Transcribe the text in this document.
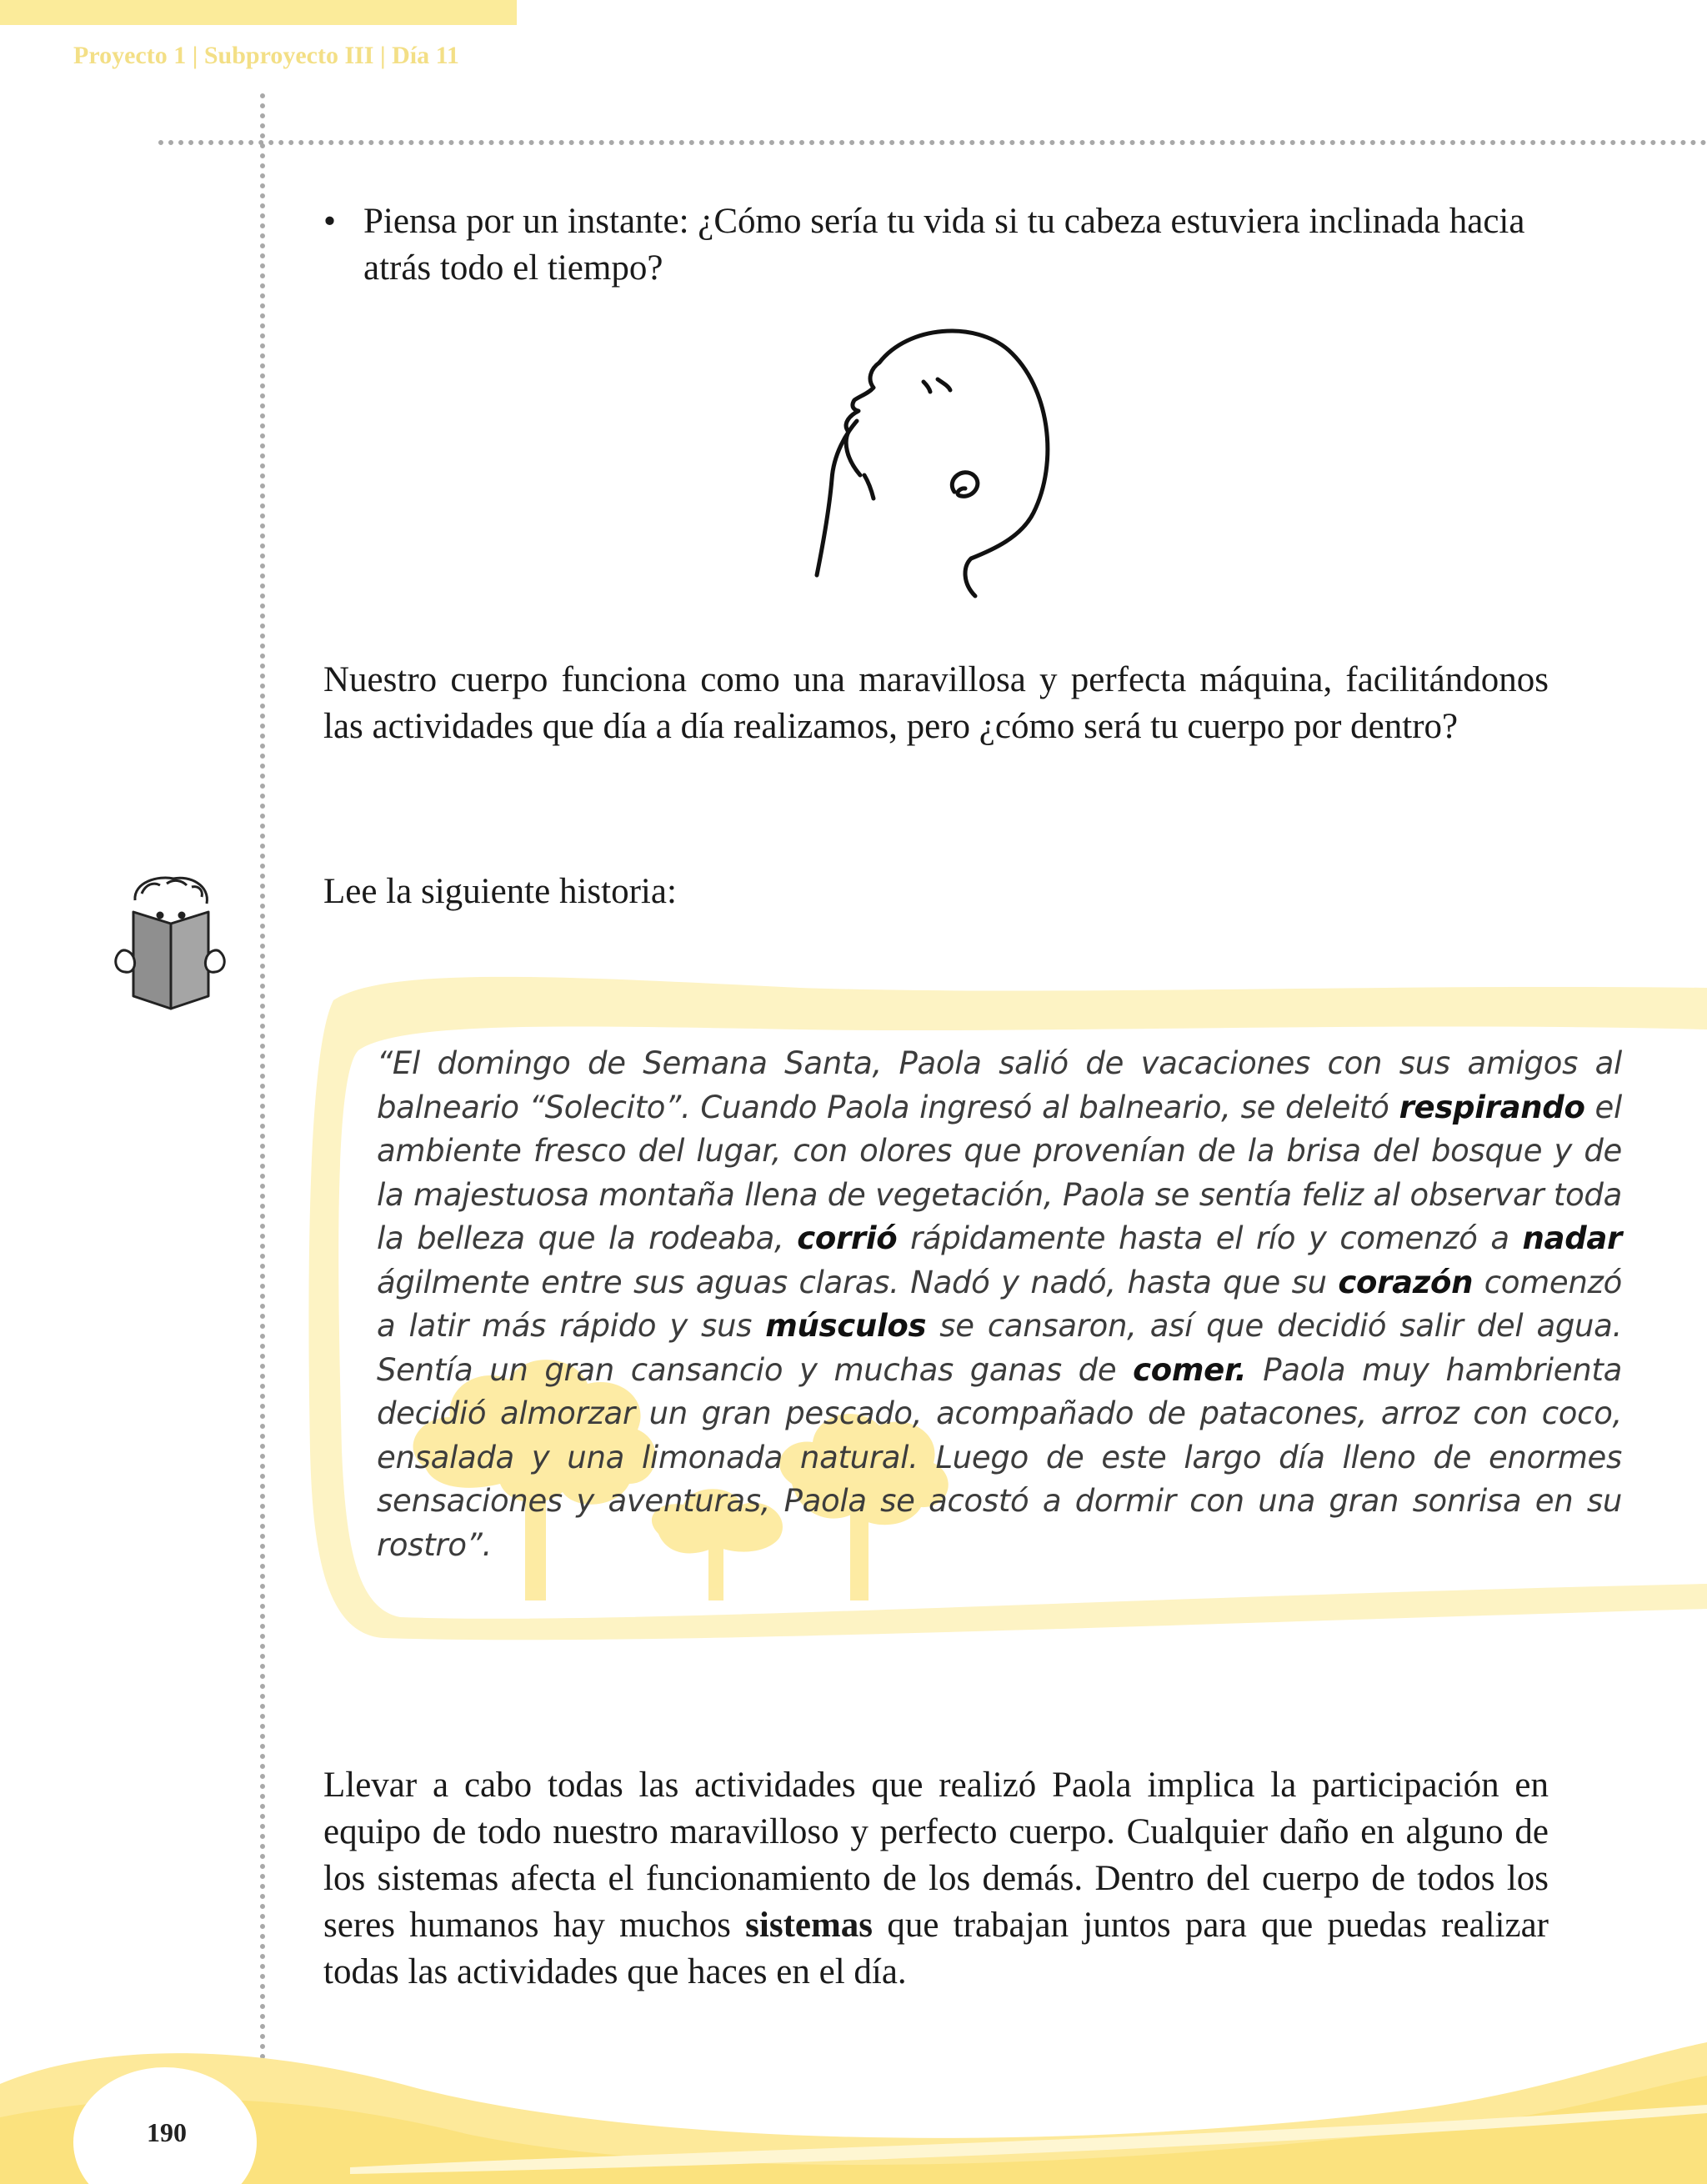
Proyecto 1 | Subproyecto III | Día 11
• Piensa por un instante: ¿Cómo sería tu vida si tu cabeza estuviera inclinada hacia atrás todo el tiempo?
Nuestro cuerpo funciona como una maravillosa y perfecta máquina, facilitándonos las actividades que día a día realizamos, pero ¿cómo será tu cuerpo por dentro?
Lee la siguiente historia:
“El domingo de Semana Santa, Paola salió de vacaciones con sus amigos al balneario “Solecito”. Cuando Paola ingresó al balneario, se deleitó respirando el ambiente fresco del lugar, con olores que provenían de la brisa del bosque y de la majestuosa montaña llena de vegetación, Paola se sentía feliz al observar toda la belleza que la rodeaba, corrió rápidamente hasta el río y comenzó a nadar ágilmente entre sus aguas claras. Nadó y nadó, hasta que su corazón comenzó a latir más rápido y sus músculos se cansaron, así que decidió salir del agua. Sentía un gran cansancio y muchas ganas de comer. Paola muy hambrienta decidió almorzar un gran pescado, acompañado de patacones, arroz con coco, ensalada y una limonada natural. Luego de este largo día lleno de enormes sensaciones y aventuras, Paola se acostó a dormir con una gran sonrisa en su rostro”.
Llevar a cabo todas las actividades que realizó Paola implica la participación en equipo de todo nuestro maravilloso y perfecto cuerpo. Cualquier daño en alguno de los sistemas afecta el funcionamiento de los demás. Dentro del cuerpo de todos los seres humanos hay muchos sistemas que trabajan juntos para que puedas realizar todas las actividades que haces en el día.
190
